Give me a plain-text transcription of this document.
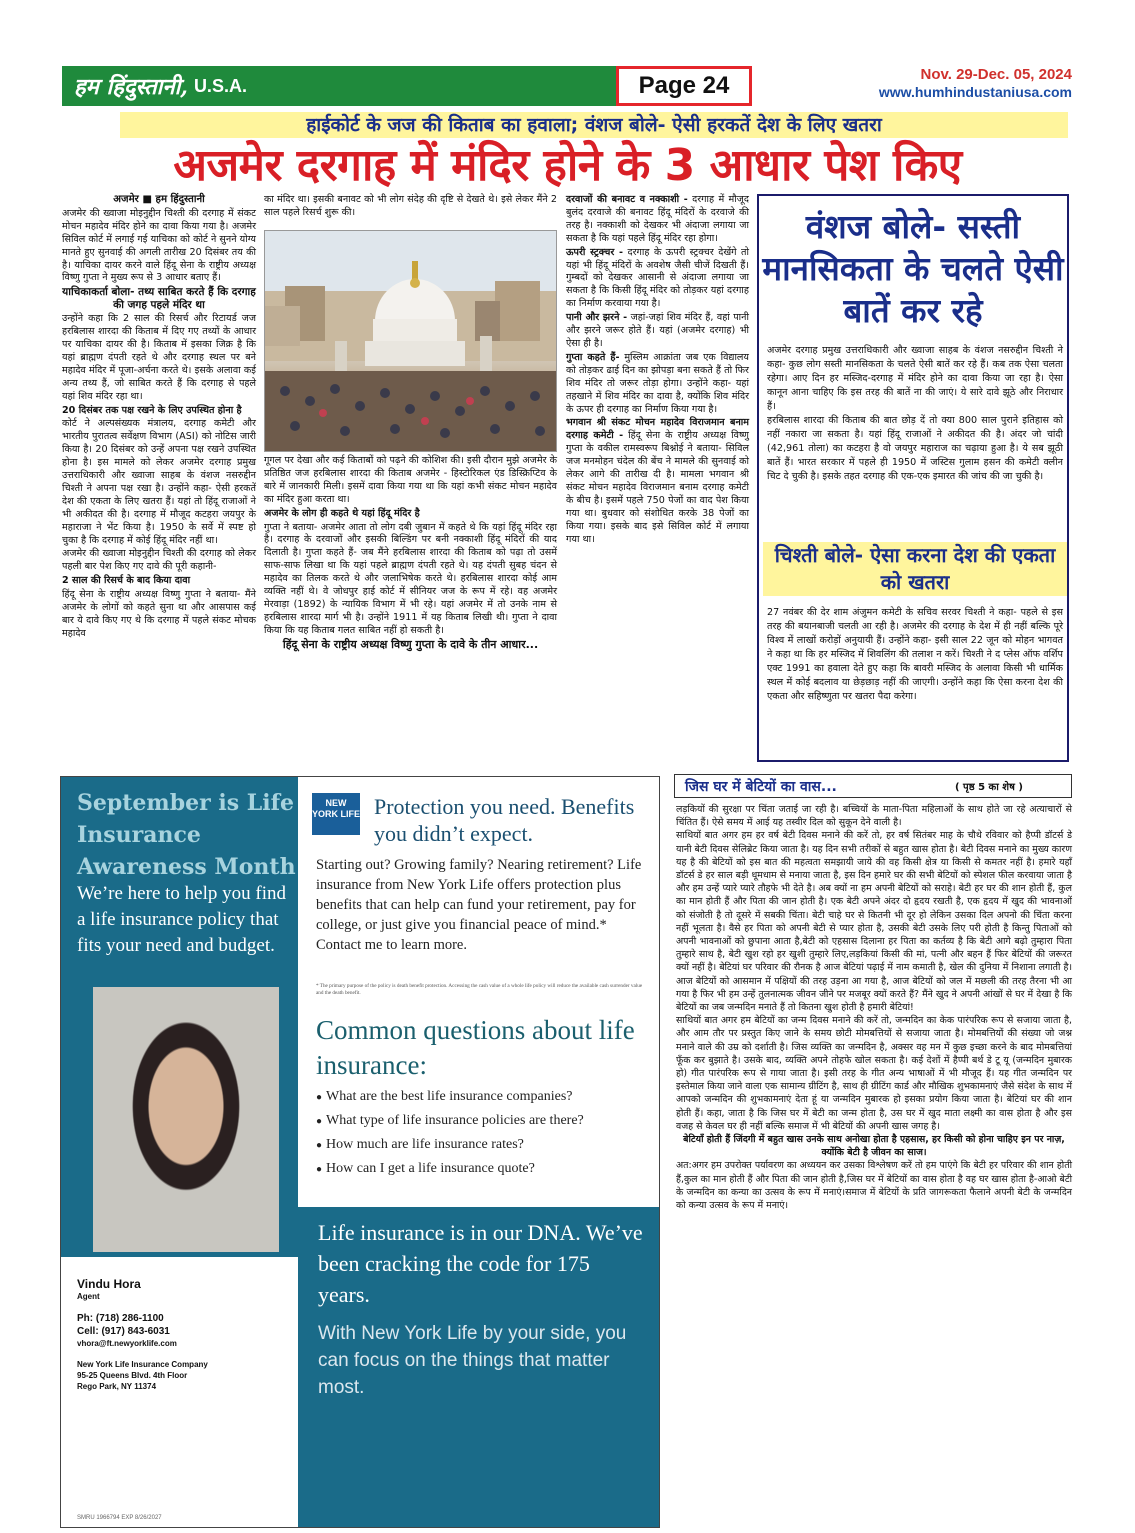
हम हिंदुस्तानी, U.S.A.	Page 24	Nov. 29-Dec. 05, 2024
www.humhindustaniusa.com
हाईकोर्ट के जज की किताब का हवाला; वंशज बोले- ऐसी हरकतें देश के लिए खतरा
अजमेर दरगाह में मंदिर होने के 3 आधार पेश किए

अजमेर ■ हम हिंदुस्तानी

अजमेर की ख्वाजा मोइनुद्दीन चिश्ती की दरगाह में संकट मोचन महादेव मंदिर होने का दावा किया गया है। अजमेर सिविल कोर्ट में लगाई गई याचिका को कोर्ट ने सुनने योग्य मानते हुए सुनवाई की अगली तारीख 20 दिसंबर तय की है। याचिका दायर करने वाले हिंदू सेना के राष्ट्रीय अध्यक्ष विष्णु गुप्ता ने मुख्य रूप से 3 आधार बताए हैं।

याचिकाकर्ता बोला- तथ्य साबित करते हैं कि दरगाह की जगह पहले मंदिर था

उन्होंने कहा कि 2 साल की रिसर्च और रिटायर्ड जज हरबिलास शारदा की किताब में दिए गए तथ्यों के आधार पर याचिका दायर की है। किताब में इसका जिक्र है कि यहां ब्राह्मण दंपती रहते थे और दरगाह स्थल पर बने महादेव मंदिर में पूजा-अर्चना करते थे। इसके अलावा कई अन्य तथ्य हैं, जो साबित करते हैं कि दरगाह से पहले यहां शिव मंदिर रहा था।

20 दिसंबर तक पक्ष रखने के लिए उपस्थित होना है

कोर्ट ने अल्पसंख्यक मंत्रालय, दरगाह कमेटी और भारतीय पुरातत्व सर्वेक्षण विभाग (ASI) को नोटिस जारी किया है। 20 दिसंबर को उन्हें अपना पक्ष रखने उपस्थित होना है। इस मामले को लेकर अजमेर दरगाह प्रमुख उत्तराधिकारी और ख्वाजा साहब के वंशज नसरुद्दीन चिश्ती ने अपना पक्ष रखा है। उन्होंने कहा- ऐसी हरकतें देश की एकता के लिए खतरा हैं। यहां तो हिंदू राजाओं ने भी अकीदत की है। दरगाह में मौजूद कटहरा जयपुर के महाराजा ने भेंट किया है। 1950 के सर्वे में स्पष्ट हो चुका है कि दरगाह में कोई हिंदू मंदिर नहीं था।

अजमेर की ख्वाजा मोइनुद्दीन चिश्ती की दरगाह को लेकर पहली बार पेश किए गए दावे की पूरी कहानी-

2 साल की रिसर्च के बाद किया दावा

हिंदू सेना के राष्ट्रीय अध्यक्ष विष्णु गुप्ता ने बताया- मैंने अजमेर के लोगों को कहते सुना था और आसपास कई बार ये दावे किए गए थे कि दरगाह में पहले संकट मोचक महादेव

का मंदिर था। इसकी बनावट को भी लोग संदेह की दृष्टि से देखते थे। इसे लेकर मैंने 2 साल पहले रिसर्च शुरू की।

गूगल पर देखा और कई किताबों को पढ़ने की कोशिश की। इसी दौरान मुझे अजमेर के प्रतिष्ठित जज हरबिलास शारदा की किताब अजमेर - हिस्टोरिकल एंड डिस्क्रिप्टिव के बारे में जानकारी मिली। इसमें दावा किया गया था कि यहां कभी संकट मोचन महादेव का मंदिर हुआ करता था।

अजमेर के लोग ही कहते थे यहां हिंदू मंदिर है

गुप्ता ने बताया- अजमेर आता तो लोग दबी जुबान में कहते थे कि यहां हिंदू मंदिर रहा है। दरगाह के दरवाजों और इसकी बिल्डिंग पर बनी नक्काशी हिंदू मंदिरों की याद दिलाती है। गुप्ता कहते हैं- जब मैंने हरबिलास शारदा की किताब को पढ़ा तो उसमें साफ-साफ लिखा था कि यहां पहले ब्राह्मण दंपती रहते थे। यह दंपती सुबह चंदन से महादेव का तिलक करते थे और जलाभिषेक करते थे। हरबिलास शारदा कोई आम व्यक्ति नहीं थे। वे जोधपुर हाई कोर्ट में सीनियर जज के रूप में रहे। वह अजमेर मेरवाड़ा (1892) के न्यायिक विभाग में भी रहे। यहां अजमेर में तो उनके नाम से हरबिलास शारदा मार्ग भी है। उन्होंने 1911 में यह किताब लिखी थी। गुप्ता ने दावा किया कि यह किताब गलत साबित नहीं हो सकती है।

हिंदू सेना के राष्ट्रीय अध्यक्ष विष्णु गुप्ता के दावे के तीन आधार...

दरवाजों की बनावट व नक्काशी - दरगाह में मौजूद बुलंद दरवाजे की बनावट हिंदू मंदिरों के दरवाजे की तरह है। नक्काशी को देखकर भी अंदाजा लगाया जा सकता है कि यहां पहले हिंदू मंदिर रहा होगा।

ऊपरी स्ट्रक्चर - दरगाह के ऊपरी स्ट्रक्चर देखेंगे तो यहां भी हिंदू मंदिरों के अवशेष जैसी चीजें दिखती हैं। गुम्बदों को देखकर आसानी से अंदाजा लगाया जा सकता है कि किसी हिंदू मंदिर को तोड़कर यहां दरगाह का निर्माण करवाया गया है।

पानी और झरने - जहां-जहां शिव मंदिर हैं, वहां पानी और झरने जरूर होते हैं। यहां (अजमेर दरगाह) भी ऐसा ही है।

गुप्ता कहते हैं- मुस्लिम आक्रांता जब एक विद्यालय को तोड़कर ढाई दिन का झोपड़ा बना सकते हैं तो फिर शिव मंदिर तो जरूर तोड़ा होगा। उन्होंने कहा- यहां तहखाने में शिव मंदिर का दावा है, क्योंकि शिव मंदिर के ऊपर ही दरगाह का निर्माण किया गया है।

भगवान श्री संकट मोचन महादेव विराजमान बनाम दरगाह कमेटी - हिंदू सेना के राष्ट्रीय अध्यक्ष विष्णु गुप्ता के वकील रामस्वरूप बिश्नोई ने बताया- सिविल जज मनमोहन चंदेल की बेंच ने मामले की सुनवाई को लेकर आगे की तारीख दी है। मामला भगवान श्री संकट मोचन महादेव विराजमान बनाम दरगाह कमेटी के बीच है। इसमें पहले 750 पेजों का वाद पेश किया गया था। बुधवार को संशोधित करके 38 पेजों का किया गया। इसके बाद इसे सिविल कोर्ट में लगाया गया था।

वंशज बोले- सस्ती मानसिकता के चलते ऐसी बातें कर रहे

अजमेर दरगाह प्रमुख उत्तराधिकारी और ख्वाजा साहब के वंशज नसरुद्दीन चिश्ती ने कहा- कुछ लोग सस्ती मानसिकता के चलते ऐसी बातें कर रहे हैं। कब तक ऐसा चलता रहेगा। आए दिन हर मस्जिद-दरगाह में मंदिर होने का दावा किया जा रहा है। ऐसा कानून आना चाहिए कि इस तरह की बातें ना की जाएं। ये सारे दावे झूठे और निराधार हैं।

हरबिलास शारदा की किताब की बात छोड़ दें तो क्या 800 साल पुराने इतिहास को नहीं नकारा जा सकता है। यहां हिंदू राजाओं ने अकीदत की है। अंदर जो चांदी (42,961 तोला) का कटहरा है वो जयपुर महाराज का चढ़ाया हुआ है। ये सब झूठी बातें हैं। भारत सरकार में पहले ही 1950 में जस्टिस गुलाम हसन की कमेटी क्लीन चिट दे चुकी है। इसके तहत दरगाह की एक-एक इमारत की जांच की जा चुकी है।

चिश्ती बोले- ऐसा करना देश की एकता को खतरा

27 नवंबर की देर शाम अंजुमन कमेटी के सचिव सरवर चिश्ती ने कहा- पहले से इस तरह की बयानबाजी चलती आ रही है। अजमेर की दरगाह के देश में ही नहीं बल्कि पूरे विश्व में लाखों करोड़ों अनुयायी हैं। उन्होंने कहा- इसी साल 22 जून को मोहन भागवत ने कहा था कि हर मस्जिद में शिवलिंग की तलाश न करें। चिश्ती ने द प्लेस ऑफ वर्शिप एक्ट 1991 का हवाला देते हुए कहा कि बावरी मस्जिद के अलावा किसी भी धार्मिक स्थल में कोई बदलाव या छेड़छाड़ नहीं की जाएगी। उन्होंने कहा कि ऐसा करना देश की एकता और सहिष्णुता पर खतरा पैदा करेगा।

September is Life Insurance Awareness Month
We’re here to help you find a life insurance policy that fits your need and budget.
Vindu Hora
Agent
Ph: (718) 286-1100
Cell: (917) 843-6031
vhora@ft.newyorklife.com
New York Life Insurance Company
95-25 Queens Blvd. 4th Floor
Rego Park, NY 11374
SMRU 1966794 EXP 8/26/2027
NEW YORK LIFE Protection you need. Benefits you didn’t expect.
Starting out? Growing family? Nearing retirement? Life insurance from New York Life offers protection plus benefits that can help can fund your retirement, pay for college, or just give you financial peace of mind.* Contact me to learn more.
* The primary purpose of the policy is death benefit protection. Accessing the cash value of a whole life policy will reduce the available cash surrender value and the death benefit.
Common questions about life insurance:
● What are the best life insurance companies?
● What type of life insurance policies are there?
● How much are life insurance rates?
● How can I get a life insurance quote?
Life insurance is in our DNA. We’ve been cracking the code for 175 years.
With New York Life by your side, you can focus on the things that matter most.
जिस घर में बेटियों का वास...	( पृष्ठ 5 का शेष )

लड़कियों की सुरक्षा पर चिंता जताई जा रही है। बच्चियों के माता-पिता महिलाओं के साथ होते जा रहे अत्याचारों से चिंतित हैं। ऐसे समय में आई यह तस्वीर दिल को सुकून देने वाली है।

साथियों बात अगर हम हर वर्ष बेटी दिवस मनाने की करें तो, हर वर्ष सितंबर माह के चौथे रविवार को हैप्पी डॉटर्स डे यानी बेटी दिवस सेलिब्रेट किया जाता है। यह दिन सभी तरीकों से बहुत खास होता है। बेटी दिवस मनाने का मुख्य कारण यह है की बेटियों को इस बात की महत्वता समझायी जाये की वह किसी क्षेत्र या किसी से कमतर नहीं है। हमारे यहाँ डॉटर्स डे हर साल बड़ी धूमधाम से मनाया जाता है, इस दिन हमारे घर की सभी बेटियों को स्पेशल फील करवाया जाता है और हम उन्हें प्यारे प्यारे तौहफे भी देते है। अब क्यों ना हम अपनी बेटियों को सराहे। बेटी हर घर की शान होती हैं, कुल का मान होती हैं और पिता की जान होती है। एक बेटी अपने अंदर दो हृदय रखती है, एक हृदय में खुद की भावनाओं को संजोती है तो दूसरे में सबकी चिंता। बेटी चाहे घर से कितनी भी दूर हो लेकिन उसका दिल अपनो की चिंता करना नहीं भूलता है। वैसे हर पिता को अपनी बेटी से प्यार होता है, उसकी बेटी उसके लिए परी होती है किन्तु पिताओं को अपनी भावनाओं को छुपाना आता है,बेटी को एहसास दिलाना हर पिता का कर्तव्य है कि बेटी आगे बढ़ो तुम्हारा पिता तुम्हारे साथ है, बेटी खुश रहो हर खुशी तुम्हारे लिए,लड़कियां किसी की मां, पत्नी और बहन हैं फिर बेटियों की जरूरत क्यों नहीं है। बेटियां घर परिवार की रौनक है आज बेटियां पढ़ाई में नाम कमाती है, खेल की दुनिया में निशाना लगाती है। आज बेटियों को आसमान में पक्षियों की तरह उड़ना आ गया है, आज बेटियों को जल में मछली की तरह तैरना भी आ गया है फिर भी हम उन्हें तुलनात्मक जीवन जीने पर मजबूर क्यों करते हैं? मैंने खुद ने अपनी आंखों से घर में देखा है कि बेटियों का जब जन्मदिन मनाते हैं तो कितना खुश होती है हमारी बेटियां!

साथियों बात अगर हम बेटियों का जन्म दिवस मनाने की करें तो, जन्मदिन का केक पारंपरिक रूप से सजाया जाता है, और आम तौर पर प्रस्तुत किए जाने के समय छोटी मोमबत्तियों से सजाया जाता है। मोमबत्तियों की संख्या जो जश्न मनाने वाले की उम्र को दर्शाती है। जिस व्यक्ति का जन्मदिन है, अक्सर वह मन में कुछ इच्छा करने के बाद मोमबत्तियां फूँक कर बुझाते है। उसके बाद, व्यक्ति अपने तोहफे खोल सकता है। कई देशों में हैप्पी बर्थ डे टू यू (जन्मदिन मुबारक हो) गीत पारंपरिक रूप से गाया जाता है। इसी तरह के गीत अन्य भाषाओं में भी मौजूद हैं। यह गीत जन्मदिन पर इस्तेमाल किया जाने वाला एक सामान्य ग्रीटिंग है, साथ ही ग्रीटिंग कार्ड और मौखिक शुभकामनाएं जैसे संदेश के साथ में आपको जन्मदिन की शुभकामनाएं देता हूं या जन्मदिन मुबारक हो इसका प्रयोग किया जाता है। बेटियां घर की शान होती हैं। कहा, जाता है कि जिस घर में बेटी का जन्म होता है, उस घर में खुद माता लक्ष्मी का वास होता है और इस वजह से केवल घर ही नहीं बल्कि समाज में भी बेटियों की अपनी खास जगह है।

बेटियाँ होती हैं जिंदगी में बहुत खास उनके साथ अनोखा होता है एहसास, हर किसी को होना चाहिए इन पर नाज़, क्योंकि बेटी है जीवन का साज।

अत:अगर हम उपरोक्त पर्यावरण का अध्ययन कर उसका विश्लेषण करें तो हम पाएंगे कि बेटी हर परिवार की शान होती हैं,कुल का मान होती हैं और पिता की जान होती है,जिस घर में बेटियों का वास होता है वह घर खास होता है-आओ बेटी के जन्मदिन का कन्या का उत्सव के रूप में मनाएं।समाज में बेटियों के प्रति जागरूकता फैलाने अपनी बेटी के जन्मदिन को कन्या उत्सव के रूप में मनाएं।
